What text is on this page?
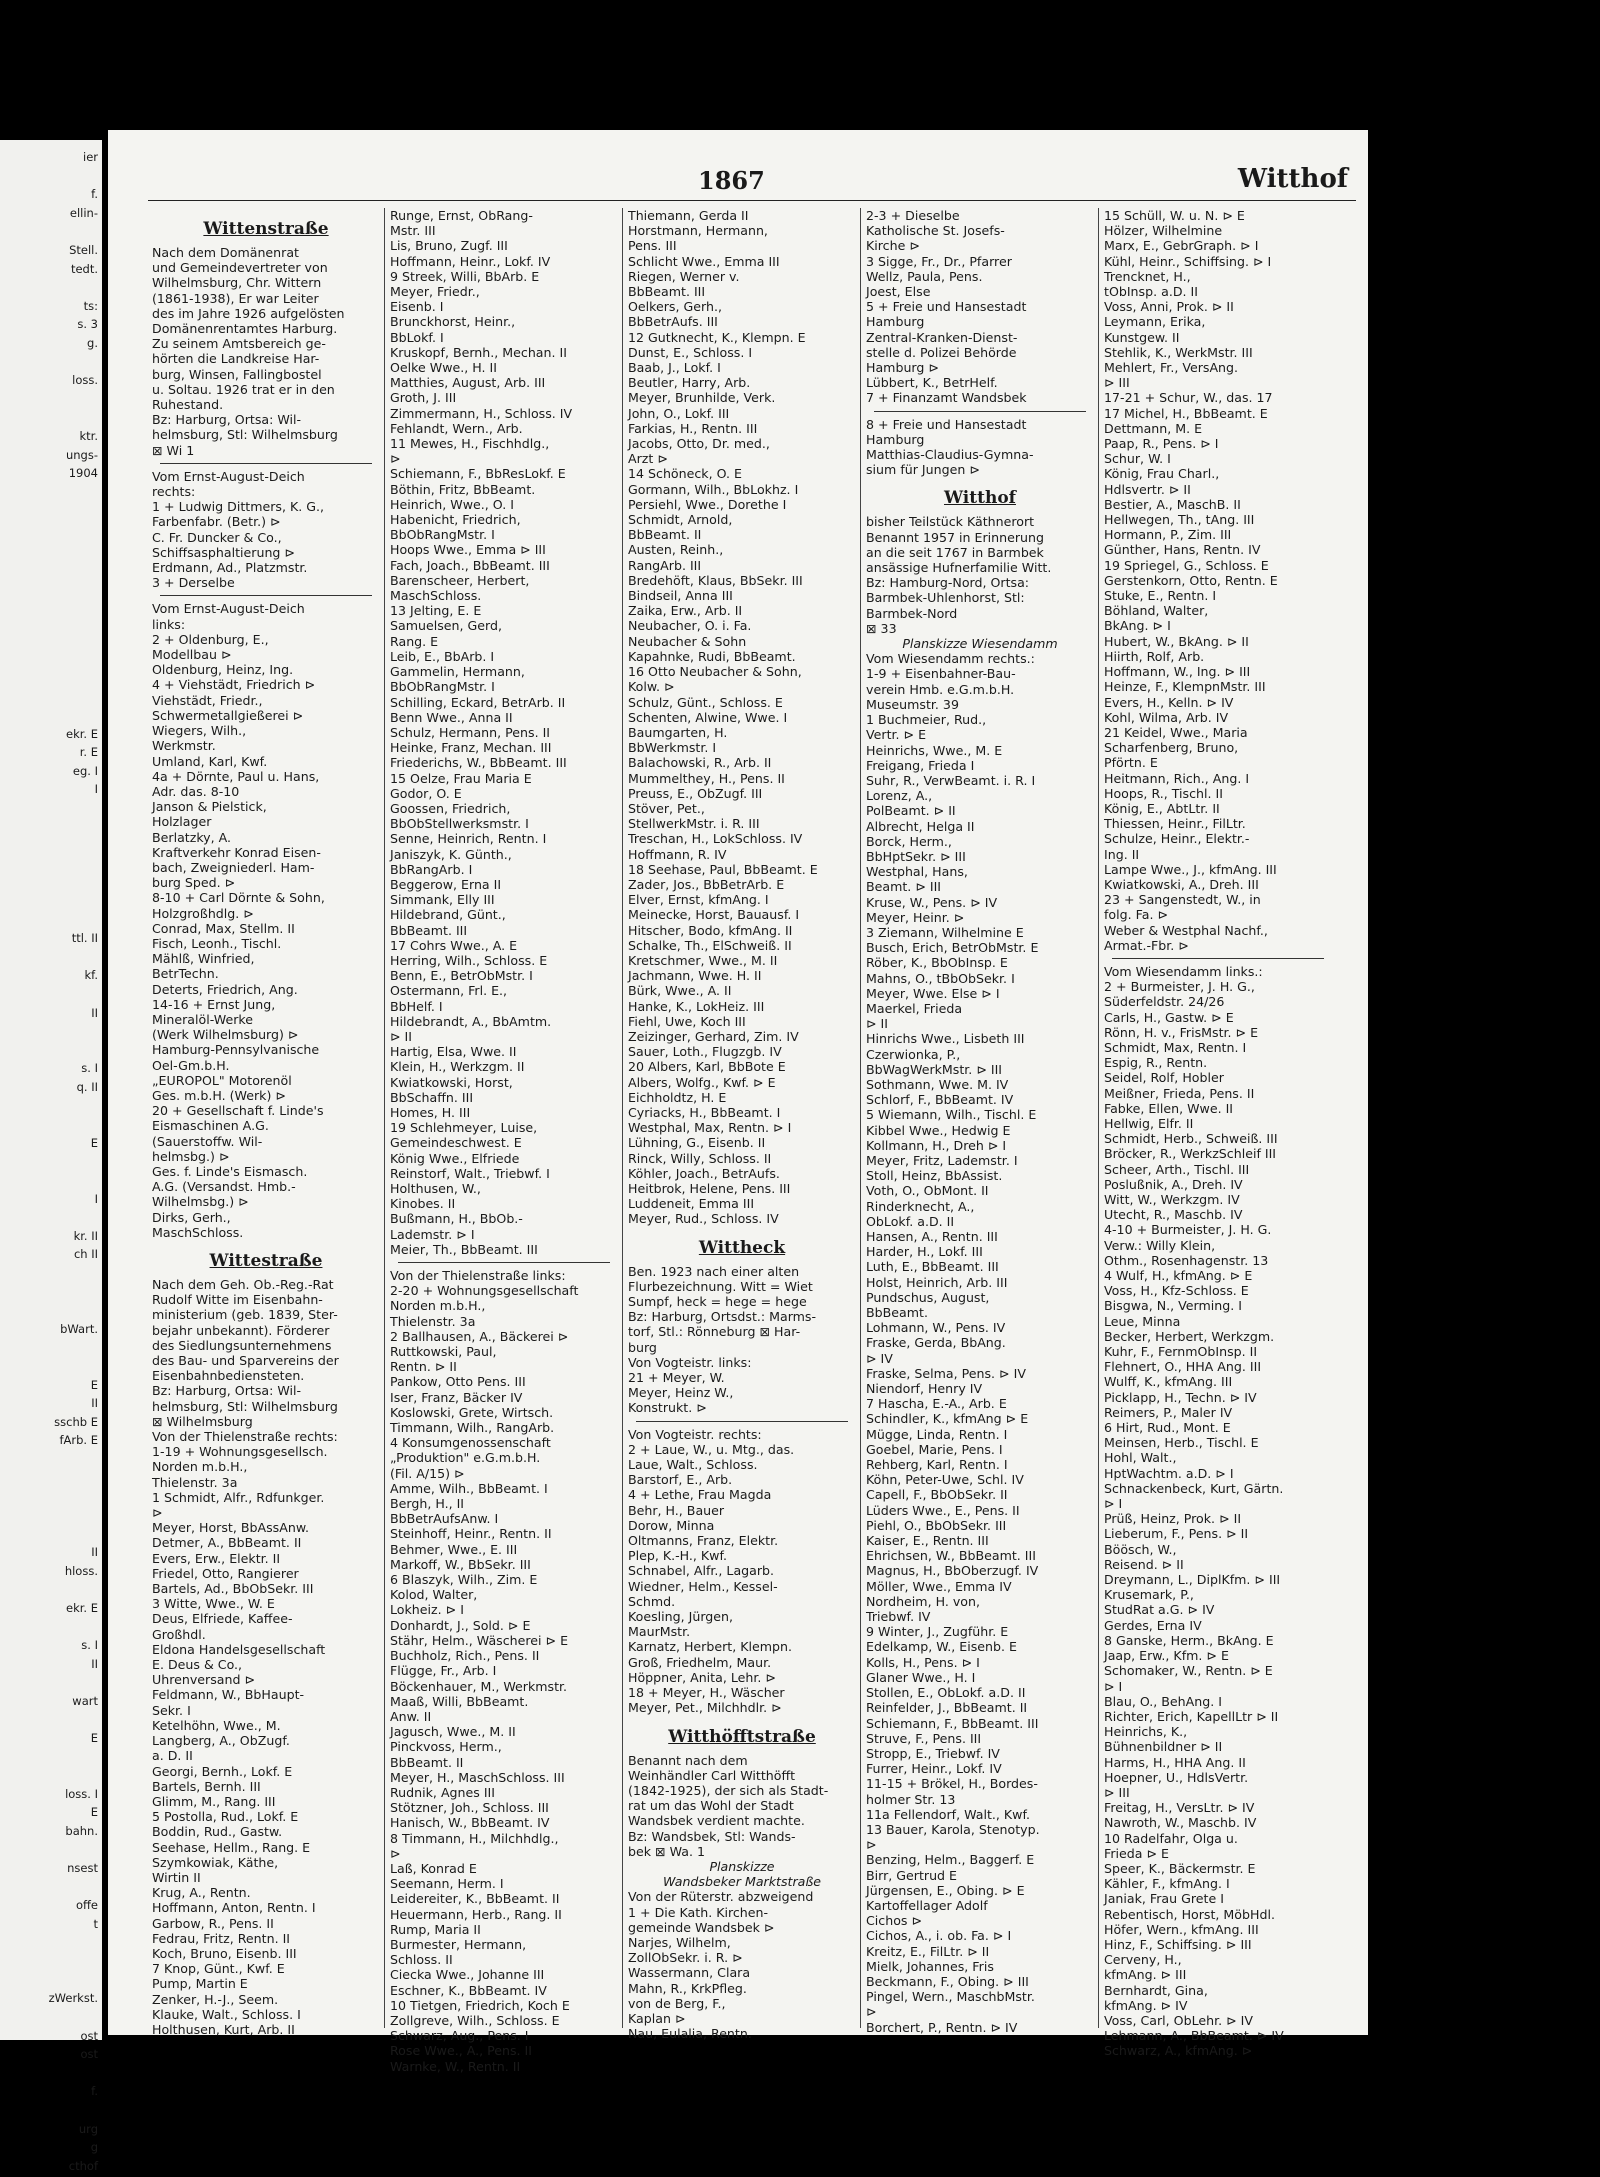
ier
f.
ellin-
Stell.
tedt.
ts:
s. 3
g.
loss.
ktr.
ungs-
1904
ekr. E
r. E
eg. I
I
ttl. II
kf.
II
s. I
q. II
E
I
kr. II
ch II
bWart.
E
II
sschb E
fArb. E
II
hloss.
ekr. E
s. I
II
wart
E
loss. I
E
bahn.
nsest
offe
t
zWerkst.
ost
ost
f.
urg
g
cthof
1867	Witthof
Wittenstraße
Nach dem Domänenrat
und Gemeindevertreter von
Wilhelmsburg, Chr. Wittern
(1861-1938), Er war Leiter
des im Jahre 1926 aufgelösten
Domänenrentamtes Harburg.
Zu seinem Amtsbereich ge-
hörten die Landkreise Har-
burg, Winsen, Fallingbostel
u. Soltau. 1926 trat er in den
Ruhestand.
Bz: Harburg, Ortsa: Wil-
helmsburg, Stl: Wilhelmsburg
⊠ Wi 1
Vom Ernst-August-Deich
rechts:
1 + Ludwig Dittmers, K. G.,
Farbenfabr. (Betr.) ⊳
C. Fr. Duncker & Co.,
Schiffsasphaltierung ⊳
Erdmann, Ad., Platzmstr.
3 + Derselbe
Vom Ernst-August-Deich
links:
2 + Oldenburg, E.,
Modellbau ⊳
Oldenburg, Heinz, Ing.
4 + Viehstädt, Friedrich ⊳
Viehstädt, Friedr.,
Schwermetallgießerei ⊳
Wiegers, Wilh.,
Werkmstr.
Umland, Karl, Kwf.
4a + Dörnte, Paul u. Hans,
Adr. das. 8-10
Janson & Pielstick,
Holzlager
Berlatzky, A.
Kraftverkehr Konrad Eisen-
bach, Zweigniederl. Ham-
burg Sped. ⊳
8-10 + Carl Dörnte & Sohn,
Holzgroßhdlg. ⊳
Conrad, Max, Stellm. II
Fisch, Leonh., Tischl.
Mählß, Winfried,
BetrTechn.
Deterts, Friedrich, Ang.
14-16 + Ernst Jung,
Mineralöl-Werke
(Werk Wilhelmsburg) ⊳
Hamburg-Pennsylvanische
Oel-Gm.b.H.
„EUROPOL" Motorenöl
Ges. m.b.H. (Werk) ⊳
20 + Gesellschaft f. Linde's
Eismaschinen A.G.
(Sauerstoffw. Wil-
helmsbg.) ⊳
Ges. f. Linde's Eismasch.
A.G. (Versandst. Hmb.-
Wilhelmsbg.) ⊳
Dirks, Gerh.,
MaschSchloss.
Wittestraße
Nach dem Geh. Ob.-Reg.-Rat
Rudolf Witte im Eisenbahn-
ministerium (geb. 1839, Ster-
bejahr unbekannt). Förderer
des Siedlungsunternehmens
des Bau- und Sparvereins der
Eisenbahnbediensteten.
Bz: Harburg, Ortsa: Wil-
helmsburg, Stl: Wilhelmsburg
⊠ Wilhelmsburg
Von der Thielenstraße rechts:
1-19 + Wohnungsgesellsch.
Norden m.b.H.,
Thielenstr. 3a
1 Schmidt, Alfr., Rdfunkger.
⊳
Meyer, Horst, BbAssAnw.
Detmer, A., BbBeamt. II
Evers, Erw., Elektr. II
Friedel, Otto, Rangierer
Bartels, Ad., BbObSekr. III
3 Witte, Wwe., W. E
Deus, Elfriede, Kaffee-
Großhdl.
Eldona Handelsgesellschaft
E. Deus & Co.,
Uhrenversand ⊳
Feldmann, W., BbHaupt-
Sekr. I
Ketelhöhn, Wwe., M.
Langberg, A., ObZugf.
a. D. II
Georgi, Bernh., Lokf. E
Bartels, Bernh. III
Glimm, M., Rang. III
5 Postolla, Rud., Lokf. E
Boddin, Rud., Gastw.
Seehase, Hellm., Rang. E
Szymkowiak, Käthe,
Wirtin II
Krug, A., Rentn.
Hoffmann, Anton, Rentn. I
Garbow, R., Pens. II
Fedrau, Fritz, Rentn. II
Koch, Bruno, Eisenb. III
7 Knop, Günt., Kwf. E
Pump, Martin E
Zenker, H.-J., Seem.
Klauke, Walt., Schloss. I
Holthusen, Kurt, Arb. II
Runge, Ernst, ObRang-
Mstr. III
Lis, Bruno, Zugf. III
Hoffmann, Heinr., Lokf. IV
9 Streek, Willi, BbArb. E
Meyer, Friedr.,
Eisenb. I
Brunckhorst, Heinr.,
BbLokf. I
Kruskopf, Bernh., Mechan. II
Oelke Wwe., H. II
Matthies, August, Arb. III
Groth, J. III
Zimmermann, H., Schloss. IV
Fehlandt, Wern., Arb.
11 Mewes, H., Fischhdlg.,
⊳
Schiemann, F., BbResLokf. E
Böthin, Fritz, BbBeamt.
Heinrich, Wwe., O. I
Habenicht, Friedrich,
BbObRangMstr. I
Hoops Wwe., Emma ⊳ III
Fach, Joach., BbBeamt. III
Barenscheer, Herbert,
MaschSchloss.
13 Jelting, E. E
Samuelsen, Gerd,
Rang. E
Leib, E., BbArb. I
Gammelin, Hermann,
BbObRangMstr. I
Schilling, Eckard, BetrArb. II
Benn Wwe., Anna II
Schulz, Hermann, Pens. II
Heinke, Franz, Mechan. III
Friederichs, W., BbBeamt. III
15 Oelze, Frau Maria E
Godor, O. E
Goossen, Friedrich,
BbObStellwerksmstr. I
Senne, Heinrich, Rentn. I
Janiszyk, K. Günth.,
BbRangArb. I
Beggerow, Erna II
Simmank, Elly III
Hildebrand, Günt.,
BbBeamt. III
17 Cohrs Wwe., A. E
Herring, Wilh., Schloss. E
Benn, E., BetrObMstr. I
Ostermann, Frl. E.,
BbHelf. I
Hildebrandt, A., BbAmtm.
⊳ II
Hartig, Elsa, Wwe. II
Klein, H., Werkzgm. II
Kwiatkowski, Horst,
BbSchaffn. III
Homes, H. III
19 Schlehmeyer, Luise,
Gemeindeschwest. E
König Wwe., Elfriede
Reinstorf, Walt., Triebwf. I
Holthusen, W.,
Kinobes. II
Bußmann, H., BbOb.-
Lademstr. ⊳ I
Meier, Th., BbBeamt. III
Von der Thielenstraße links:
2-20 + Wohnungsgesellschaft
Norden m.b.H.,
Thielenstr. 3a
2 Ballhausen, A., Bäckerei ⊳
Ruttkowski, Paul,
Rentn. ⊳ II
Pankow, Otto Pens. III
Iser, Franz, Bäcker IV
Koslowski, Grete, Wirtsch.
Timmann, Wilh., RangArb.
4 Konsumgenossenschaft
„Produktion" e.G.m.b.H.
(Fil. A/15) ⊳
Amme, Wilh., BbBeamt. I
Bergh, H., II
BbBetrAufsAnw. I
Steinhoff, Heinr., Rentn. II
Behmer, Wwe., E. III
Markoff, W., BbSekr. III
6 Blaszyk, Wilh., Zim. E
Kolod, Walter,
Lokheiz. ⊳ I
Donhardt, J., Sold. ⊳ E
Stähr, Helm., Wäscherei ⊳ E
Buchholz, Rich., Pens. II
Flügge, Fr., Arb. I
Böckenhauer, M., Werkmstr.
Maaß, Willi, BbBeamt.
Anw. II
Jagusch, Wwe., M. II
Pinckvoss, Herm.,
BbBeamt. II
Meyer, H., MaschSchloss. III
Rudnik, Agnes III
Stötzner, Joh., Schloss. III
Hanisch, W., BbBeamt. IV
8 Timmann, H., Milchhdlg.,
⊳
Laß, Konrad E
Seemann, Herm. I
Leidereiter, K., BbBeamt. II
Heuermann, Herb., Rang. II
Rump, Maria II
Burmester, Hermann,
Schloss. II
Ciecka Wwe., Johanne III
Eschner, K., BbBeamt. IV
10 Tietgen, Friedrich, Koch E
Zollgreve, Wilh., Schloss. E
Schwarz, Aug., Pens. I
Rose Wwe., A., Pens. II
Warnke, W., Rentn. II
Thiemann, Gerda II
Horstmann, Hermann,
Pens. III
Schlicht Wwe., Emma III
Riegen, Werner v.
BbBeamt. III
Oelkers, Gerh.,
BbBetrAufs. III
12 Gutknecht, K., Klempn. E
Dunst, E., Schloss. I
Baab, J., Lokf. I
Beutler, Harry, Arb.
Meyer, Brunhilde, Verk.
John, O., Lokf. III
Farkias, H., Rentn. III
Jacobs, Otto, Dr. med.,
Arzt ⊳
14 Schöneck, O. E
Gormann, Wilh., BbLokhz. I
Persiehl, Wwe., Dorethe I
Schmidt, Arnold,
BbBeamt. II
Austen, Reinh.,
RangArb. III
Bredehöft, Klaus, BbSekr. III
Bindseil, Anna III
Zaika, Erw., Arb. II
Neubacher, O. i. Fa.
Neubacher & Sohn
Kapahnke, Rudi, BbBeamt.
16 Otto Neubacher & Sohn,
Kolw. ⊳
Schulz, Günt., Schloss. E
Schenten, Alwine, Wwe. I
Baumgarten, H.
BbWerkmstr. I
Balachowski, R., Arb. II
Mummelthey, H., Pens. II
Preuss, E., ObZugf. III
Stöver, Pet.,
StellwerkMstr. i. R. III
Treschan, H., LokSchloss. IV
Hoffmann, R. IV
18 Seehase, Paul, BbBeamt. E
Zader, Jos., BbBetrArb. E
Elver, Ernst, kfmAng. I
Meinecke, Horst, Bauausf. I
Hitscher, Bodo, kfmAng. II
Schalke, Th., ElSchweiß. II
Kretschmer, Wwe., M. II
Jachmann, Wwe. H. II
Bürk, Wwe., A. II
Hanke, K., LokHeiz. III
Fiehl, Uwe, Koch III
Zeizinger, Gerhard, Zim. IV
Sauer, Loth., Flugzgb. IV
20 Albers, Karl, BbBote E
Albers, Wolfg., Kwf. ⊳ E
Eichholdtz, H. E
Cyriacks, H., BbBeamt. I
Westphal, Max, Rentn. ⊳ I
Lühning, G., Eisenb. II
Rinck, Willy, Schloss. II
Köhler, Joach., BetrAufs.
Heitbrok, Helene, Pens. III
Luddeneit, Emma III
Meyer, Rud., Schloss. IV
Wittheck
Ben. 1923 nach einer alten
Flurbezeichnung. Witt = Wiet
Sumpf, heck = hege = hege
Bz: Harburg, Ortsdst.: Marms-
torf, Stl.: Rönneburg ⊠ Har-
burg
Von Vogteistr. links:
21 + Meyer, W.
Meyer, Heinz W.,
Konstrukt. ⊳
Von Vogteistr. rechts:
2 + Laue, W., u. Mtg., das.
Laue, Walt., Schloss.
Barstorf, E., Arb.
4 + Lethe, Frau Magda
Behr, H., Bauer
Dorow, Minna
Oltmanns, Franz, Elektr.
Plep, K.-H., Kwf.
Schnabel, Alfr., Lagarb.
Wiedner, Helm., Kessel-
Schmd.
Koesling, Jürgen,
MaurMstr.
Karnatz, Herbert, Klempn.
Groß, Friedhelm, Maur.
Höppner, Anita, Lehr. ⊳
18 + Meyer, H., Wäscher
Meyer, Pet., Milchhdlr. ⊳
Witthöfftstraße
Benannt nach dem
Weinhändler Carl Witthöfft
(1842-1925), der sich als Stadt-
rat um das Wohl der Stadt
Wandsbek verdient machte.
Bz: Wandsbek, Stl: Wands-
bek ⊠ Wa. 1
Planskizze
Wandsbeker Marktstraße
Von der Rüterstr. abzweigend
1 + Die Kath. Kirchen-
gemeinde Wandsbek ⊳
Narjes, Wilhelm,
ZollObSekr. i. R. ⊳
Wassermann, Clara
Mahn, R., KrkPfleg.
von de Berg, F.,
Kaplan ⊳
Nau, Eulalia, Rentn.
2-3 + Dieselbe
Katholische St. Josefs-
Kirche ⊳
3 Sigge, Fr., Dr., Pfarrer
Wellz, Paula, Pens.
Joest, Else
5 + Freie und Hansestadt
Hamburg
Zentral-Kranken-Dienst-
stelle d. Polizei Behörde
Hamburg ⊳
Lübbert, K., BetrHelf.
7 + Finanzamt Wandsbek
8 + Freie und Hansestadt
Hamburg
Matthias-Claudius-Gymna-
sium für Jungen ⊳
Witthof
bisher Teilstück Käthnerort
Benannt 1957 in Erinnerung
an die seit 1767 in Barmbek
ansässige Hufnerfamilie Witt.
Bz: Hamburg-Nord, Ortsa:
Barmbek-Uhlenhorst, Stl:
Barmbek-Nord
⊠ 33
Planskizze Wiesendamm
Vom Wiesendamm rechts.:
1-9 + Eisenbahner-Bau-
verein Hmb. e.G.m.b.H.
Museumstr. 39
1 Buchmeier, Rud.,
Vertr. ⊳ E
Heinrichs, Wwe., M. E
Freigang, Frieda I
Suhr, R., VerwBeamt. i. R. I
Lorenz, A.,
PolBeamt. ⊳ II
Albrecht, Helga II
Borck, Herm.,
BbHptSekr. ⊳ III
Westphal, Hans,
Beamt. ⊳ III
Kruse, W., Pens. ⊳ IV
Meyer, Heinr. ⊳
3 Ziemann, Wilhelmine E
Busch, Erich, BetrObMstr. E
Röber, K., BbObInsp. E
Mahns, O., tBbObSekr. I
Meyer, Wwe. Else ⊳ I
Maerkel, Frieda
⊳ II
Hinrichs Wwe., Lisbeth III
Czerwionka, P.,
BbWagWerkMstr. ⊳ III
Sothmann, Wwe. M. IV
Schlorf, F., BbBeamt. IV
5 Wiemann, Wilh., Tischl. E
Kibbel Wwe., Hedwig E
Kollmann, H., Dreh ⊳ I
Meyer, Fritz, Lademstr. I
Stoll, Heinz, BbAssist.
Voth, O., ObMont. II
Rinderknecht, A.,
ObLokf. a.D. II
Hansen, A., Rentn. III
Harder, H., Lokf. III
Luth, E., BbBeamt. III
Holst, Heinrich, Arb. III
Pundschus, August,
BbBeamt.
Lohmann, W., Pens. IV
Fraske, Gerda, BbAng.
⊳ IV
Fraske, Selma, Pens. ⊳ IV
Niendorf, Henry IV
7 Hascha, E.-A., Arb. E
Schindler, K., kfmAng ⊳ E
Mügge, Linda, Rentn. I
Goebel, Marie, Pens. I
Rehberg, Karl, Rentn. I
Köhn, Peter-Uwe, Schl. IV
Capell, F., BbObSekr. II
Lüders Wwe., E., Pens. II
Piehl, O., BbObSekr. III
Kaiser, E., Rentn. III
Ehrichsen, W., BbBeamt. III
Magnus, H., BbOberzugf. IV
Möller, Wwe., Emma IV
Nordheim, H. von,
Triebwf. IV
9 Winter, J., Zugführ. E
Edelkamp, W., Eisenb. E
Kolls, H., Pens. ⊳ I
Glaner Wwe., H. I
Stollen, E., ObLokf. a.D. II
Reinfelder, J., BbBeamt. II
Schiemann, F., BbBeamt. III
Struve, F., Pens. III
Stropp, E., Triebwf. IV
Furrer, Heinr., Lokf. IV
11-15 + Brökel, H., Bordes-
holmer Str. 13
11a Fellendorf, Walt., Kwf.
13 Bauer, Karola, Stenotyp.
⊳
Benzing, Helm., Baggerf. E
Birr, Gertrud E
Jürgensen, E., Obing. ⊳ E
Kartoffellager Adolf
Cichos ⊳
Cichos, A., i. ob. Fa. ⊳ I
Kreitz, E., FilLtr. ⊳ II
Mielk, Johannes, Fris
Beckmann, F., Obing. ⊳ III
Pingel, Wern., MaschbMstr.
⊳
Borchert, P., Rentn. ⊳ IV
15 Schüll, W. u. N. ⊳ E
Hölzer, Wilhelmine
Marx, E., GebrGraph. ⊳ I
Kühl, Heinr., Schiffsing. ⊳ I
Trencknet, H.,
tObInsp. a.D. II
Voss, Anni, Prok. ⊳ II
Leymann, Erika,
Kunstgew. II
Stehlik, K., WerkMstr. III
Mehlert, Fr., VersAng.
⊳ III
17-21 + Schur, W., das. 17
17 Michel, H., BbBeamt. E
Dettmann, M. E
Paap, R., Pens. ⊳ I
Schur, W. I
König, Frau Charl.,
Hdlsvertr. ⊳ II
Bestier, A., MaschB. II
Hellwegen, Th., tAng. III
Hormann, P., Zim. III
Günther, Hans, Rentn. IV
19 Spriegel, G., Schloss. E
Gerstenkorn, Otto, Rentn. E
Stuke, E., Rentn. I
Böhland, Walter,
BkAng. ⊳ I
Hubert, W., BkAng. ⊳ II
Hiirth, Rolf, Arb.
Hoffmann, W., Ing. ⊳ III
Heinze, F., KlempnMstr. III
Evers, H., Kelln. ⊳ IV
Kohl, Wilma, Arb. IV
21 Keidel, Wwe., Maria
Scharfenberg, Bruno,
Pförtn. E
Heitmann, Rich., Ang. I
Hoops, R., Tischl. II
König, E., AbtLtr. II
Thiessen, Heinr., FilLtr.
Schulze, Heinr., Elektr.-
Ing. II
Lampe Wwe., J., kfmAng. III
Kwiatkowski, A., Dreh. III
23 + Sangenstedt, W., in
folg. Fa. ⊳
Weber & Westphal Nachf.,
Armat.-Fbr. ⊳
Vom Wiesendamm links.:
2 + Burmeister, J. H. G.,
Süderfeldstr. 24/26
Carls, H., Gastw. ⊳ E
Rönn, H. v., FrisMstr. ⊳ E
Schmidt, Max, Rentn. I
Espig, R., Rentn.
Seidel, Rolf, Hobler
Meißner, Frieda, Pens. II
Fabke, Ellen, Wwe. II
Hellwig, Elfr. II
Schmidt, Herb., Schweiß. III
Bröcker, R., WerkzSchleif III
Scheer, Arth., Tischl. III
Poslußnik, A., Dreh. IV
Witt, W., Werkzgm. IV
Utecht, R., Maschb. IV
4-10 + Burmeister, J. H. G.
Verw.: Willy Klein,
Othm., Rosenhagenstr. 13
4 Wulf, H., kfmAng. ⊳ E
Voss, H., Kfz-Schloss. E
Bisgwa, N., Verming. I
Leue, Minna
Becker, Herbert, Werkzgm.
Kuhr, F., FernmObInsp. II
Flehnert, O., HHA Ang. III
Wulff, K., kfmAng. III
Picklapp, H., Techn. ⊳ IV
Reimers, P., Maler IV
6 Hirt, Rud., Mont. E
Meinsen, Herb., Tischl. E
Hohl, Walt.,
HptWachtm. a.D. ⊳ I
Schnackenbeck, Kurt, Gärtn.
⊳ I
Prüß, Heinz, Prok. ⊳ II
Lieberum, F., Pens. ⊳ II
Böösch, W.,
Reisend. ⊳ II
Dreymann, L., DiplKfm. ⊳ III
Krusemark, P.,
StudRat a.G. ⊳ IV
Gerdes, Erna IV
8 Ganske, Herm., BkAng. E
Jaap, Erw., Kfm. ⊳ E
Schomaker, W., Rentn. ⊳ E
⊳ I
Blau, O., BehAng. I
Richter, Erich, KapellLtr ⊳ II
Heinrichs, K.,
Bühnenbildner ⊳ II
Harms, H., HHA Ang. II
Hoepner, U., HdlsVertr.
⊳ III
Freitag, H., VersLtr. ⊳ IV
Nawroth, W., Maschb. IV
10 Radelfahr, Olga u.
Frieda ⊳ E
Speer, K., Bäckermstr. E
Kähler, F., kfmAng. I
Janiak, Frau Grete I
Rebentisch, Horst, MöbHdl.
Höfer, Wern., kfmAng. III
Hinz, F., Schiffsing. ⊳ III
Cerveny, H.,
kfmAng. ⊳ III
Bernhardt, Gina,
kfmAng. ⊳ IV
Voss, Carl, ObLehr. ⊳ IV
Lehmann, A., BbBeamt. ⊳ IV
Schwarz, A., kfmAng. ⊳
